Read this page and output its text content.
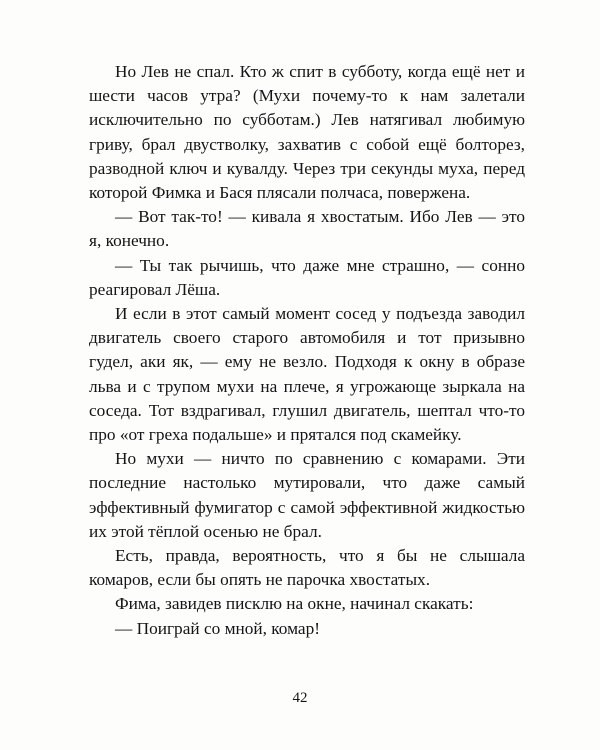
Но Лев не спал. Кто ж спит в субботу, когда ещё нет и шести часов утра? (Мухи почему-то к нам залетали исключительно по субботам.) Лев натягивал любимую гриву, брал двустволку, захватив с собой ещё болторез, разводной ключ и кувалду. Через три секунды муха, перед которой Фимка и Бася плясали полчаса, повержена.

— Вот так-то! — кивала я хвостатым. Ибо Лев — это я, конечно.

— Ты так рычишь, что даже мне страшно, — сонно реагировал Лёша.

И если в этот самый момент сосед у подъезда заводил двигатель своего старого автомобиля и тот призывно гудел, аки як, — ему не везло. Подходя к окну в образе льва и с трупом мухи на плече, я угрожающе зыркала на соседа. Тот вздрагивал, глушил двигатель, шептал что-то про «от греха подальше» и прятался под скамейку.

Но мухи — ничто по сравнению с комарами. Эти последние настолько мутировали, что даже самый эффективный фумигатор с самой эффективной жидкостью их этой тёплой осенью не брал.

Есть, правда, вероятность, что я бы не слышала комаров, если бы опять не парочка хвостатых.

Фима, завидев писклю на окне, начинал скакать:

— Поиграй со мной, комар!

42
